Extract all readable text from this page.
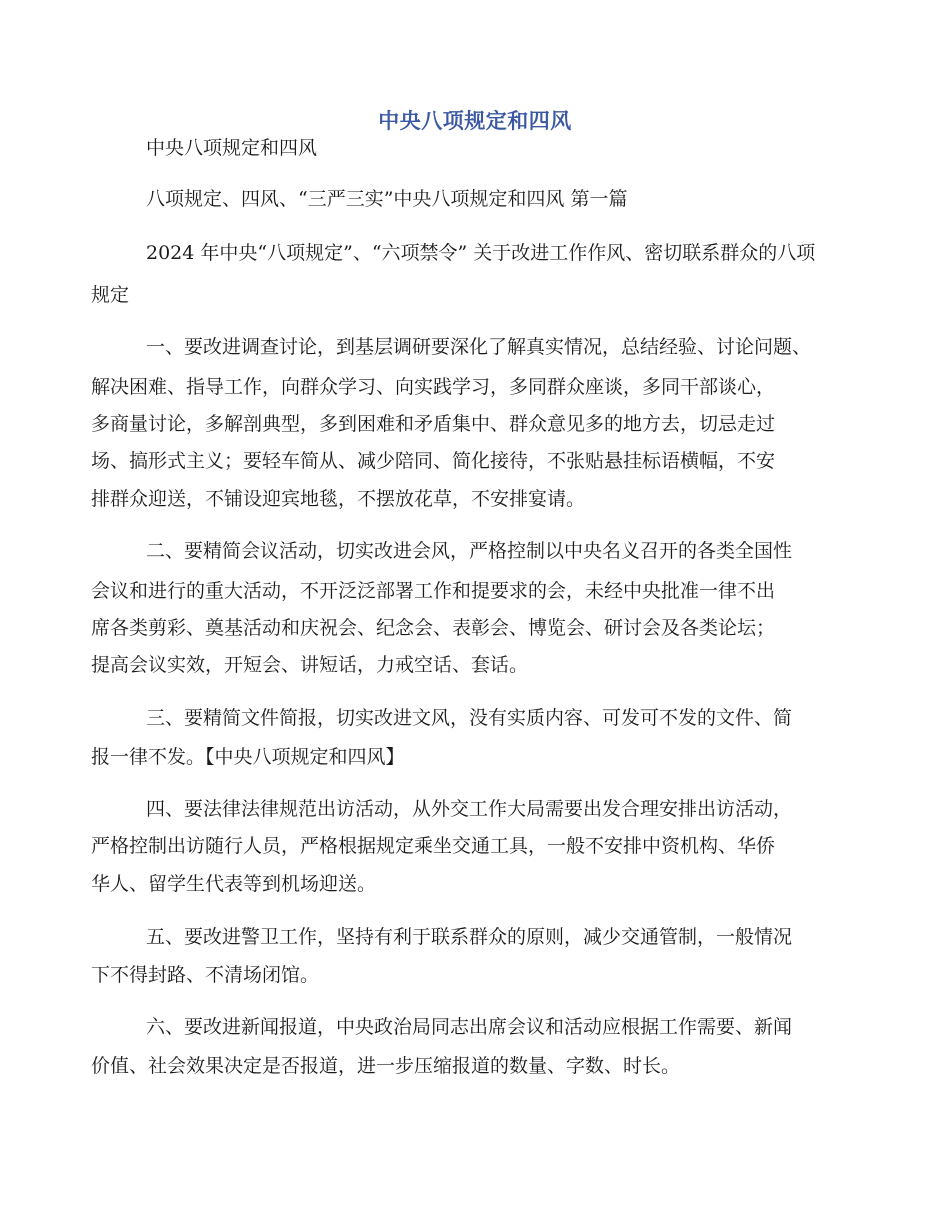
中央八项规定和四风
中央八项规定和四风
八项规定、四风、“三严三实”中央八项规定和四风 第一篇
2024 年中央“八项规定”、“六项禁令” 关于改进工作作风、密切联系群众的八项
规定
一、要改进调查讨论，到基层调研要深化了解真实情况，总结经验、讨论问题、
解决困难、指导工作，向群众学习、向实践学习，多同群众座谈，多同干部谈心，
多商量讨论，多解剖典型，多到困难和矛盾集中、群众意见多的地方去，切忌走过
场、搞形式主义；要轻车简从、减少陪同、简化接待，不张贴悬挂标语横幅，不安
排群众迎送，不铺设迎宾地毯，不摆放花草，不安排宴请。
二、要精简会议活动，切实改进会风，严格控制以中央名义召开的各类全国性
会议和进行的重大活动，不开泛泛部署工作和提要求的会，未经中央批准一律不出
席各类剪彩、奠基活动和庆祝会、纪念会、表彰会、博览会、研讨会及各类论坛；
提高会议实效，开短会、讲短话，力戒空话、套话。
三、要精简文件简报，切实改进文风，没有实质内容、可发可不发的文件、简
报一律不发。【中央八项规定和四风】
四、要法律法律规范出访活动，从外交工作大局需要出发合理安排出访活动，
严格控制出访随行人员，严格根据规定乘坐交通工具，一般不安排中资机构、华侨
华人、留学生代表等到机场迎送。
五、要改进警卫工作，坚持有利于联系群众的原则，减少交通管制，一般情况
下不得封路、不清场闭馆。
六、要改进新闻报道，中央政治局同志出席会议和活动应根据工作需要、新闻
价值、社会效果决定是否报道，进一步压缩报道的数量、字数、时长。
